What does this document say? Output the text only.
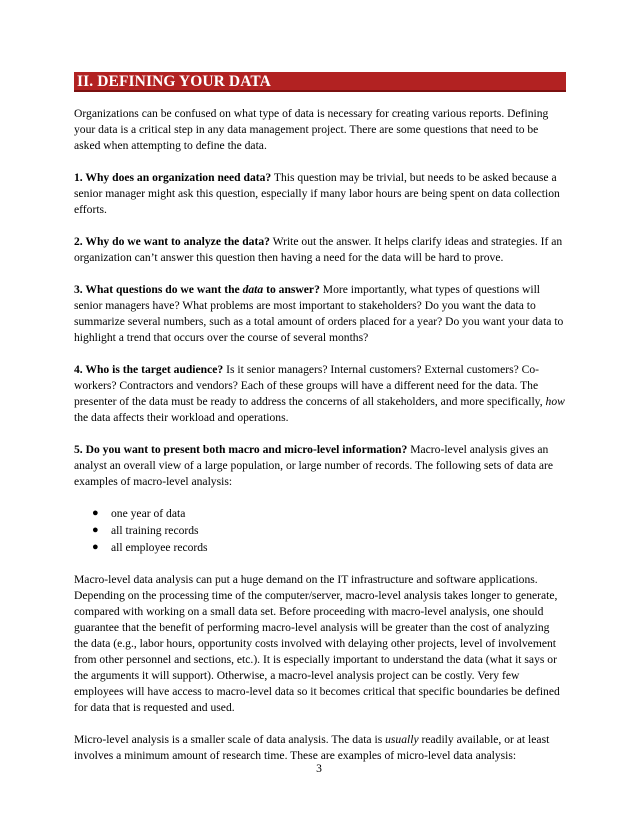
II. DEFINING YOUR DATA

Organizations can be confused on what type of data is necessary for creating various reports. Defining your data is a critical step in any data management project. There are some questions that need to be asked when attempting to define the data.

1. Why does an organization need data? This question may be trivial, but needs to be asked because a senior manager might ask this question, especially if many labor hours are being spent on data collection efforts.

2. Why do we want to analyze the data? Write out the answer. It helps clarify ideas and strategies. If an organization can’t answer this question then having a need for the data will be hard to prove.

3. What questions do we want the data to answer? More importantly, what types of questions will senior managers have? What problems are most important to stakeholders? Do you want the data to summarize several numbers, such as a total amount of orders placed for a year? Do you want your data to highlight a trend that occurs over the course of several months?

4. Who is the target audience? Is it senior managers? Internal customers? External customers? Co-workers? Contractors and vendors? Each of these groups will have a different need for the data. The presenter of the data must be ready to address the concerns of all stakeholders, and more specifically, how the data affects their workload and operations.

5. Do you want to present both macro and micro-level information? Macro-level analysis gives an analyst an overall view of a large population, or large number of records. The following sets of data are examples of macro-level analysis:

● one year of data
● all training records
● all employee records

Macro-level data analysis can put a huge demand on the IT infrastructure and software applications. Depending on the processing time of the computer/server, macro-level analysis takes longer to generate, compared with working on a small data set. Before proceeding with macro-level analysis, one should guarantee that the benefit of performing macro-level analysis will be greater than the cost of analyzing the data (e.g., labor hours, opportunity costs involved with delaying other projects, level of involvement from other personnel and sections, etc.). It is especially important to understand the data (what it says or the arguments it will support). Otherwise, a macro-level analysis project can be costly. Very few employees will have access to macro-level data so it becomes critical that specific boundaries be defined for data that is requested and used.

Micro-level analysis is a smaller scale of data analysis. The data is usually readily available, or at least involves a minimum amount of research time. These are examples of micro-level data analysis:

3
